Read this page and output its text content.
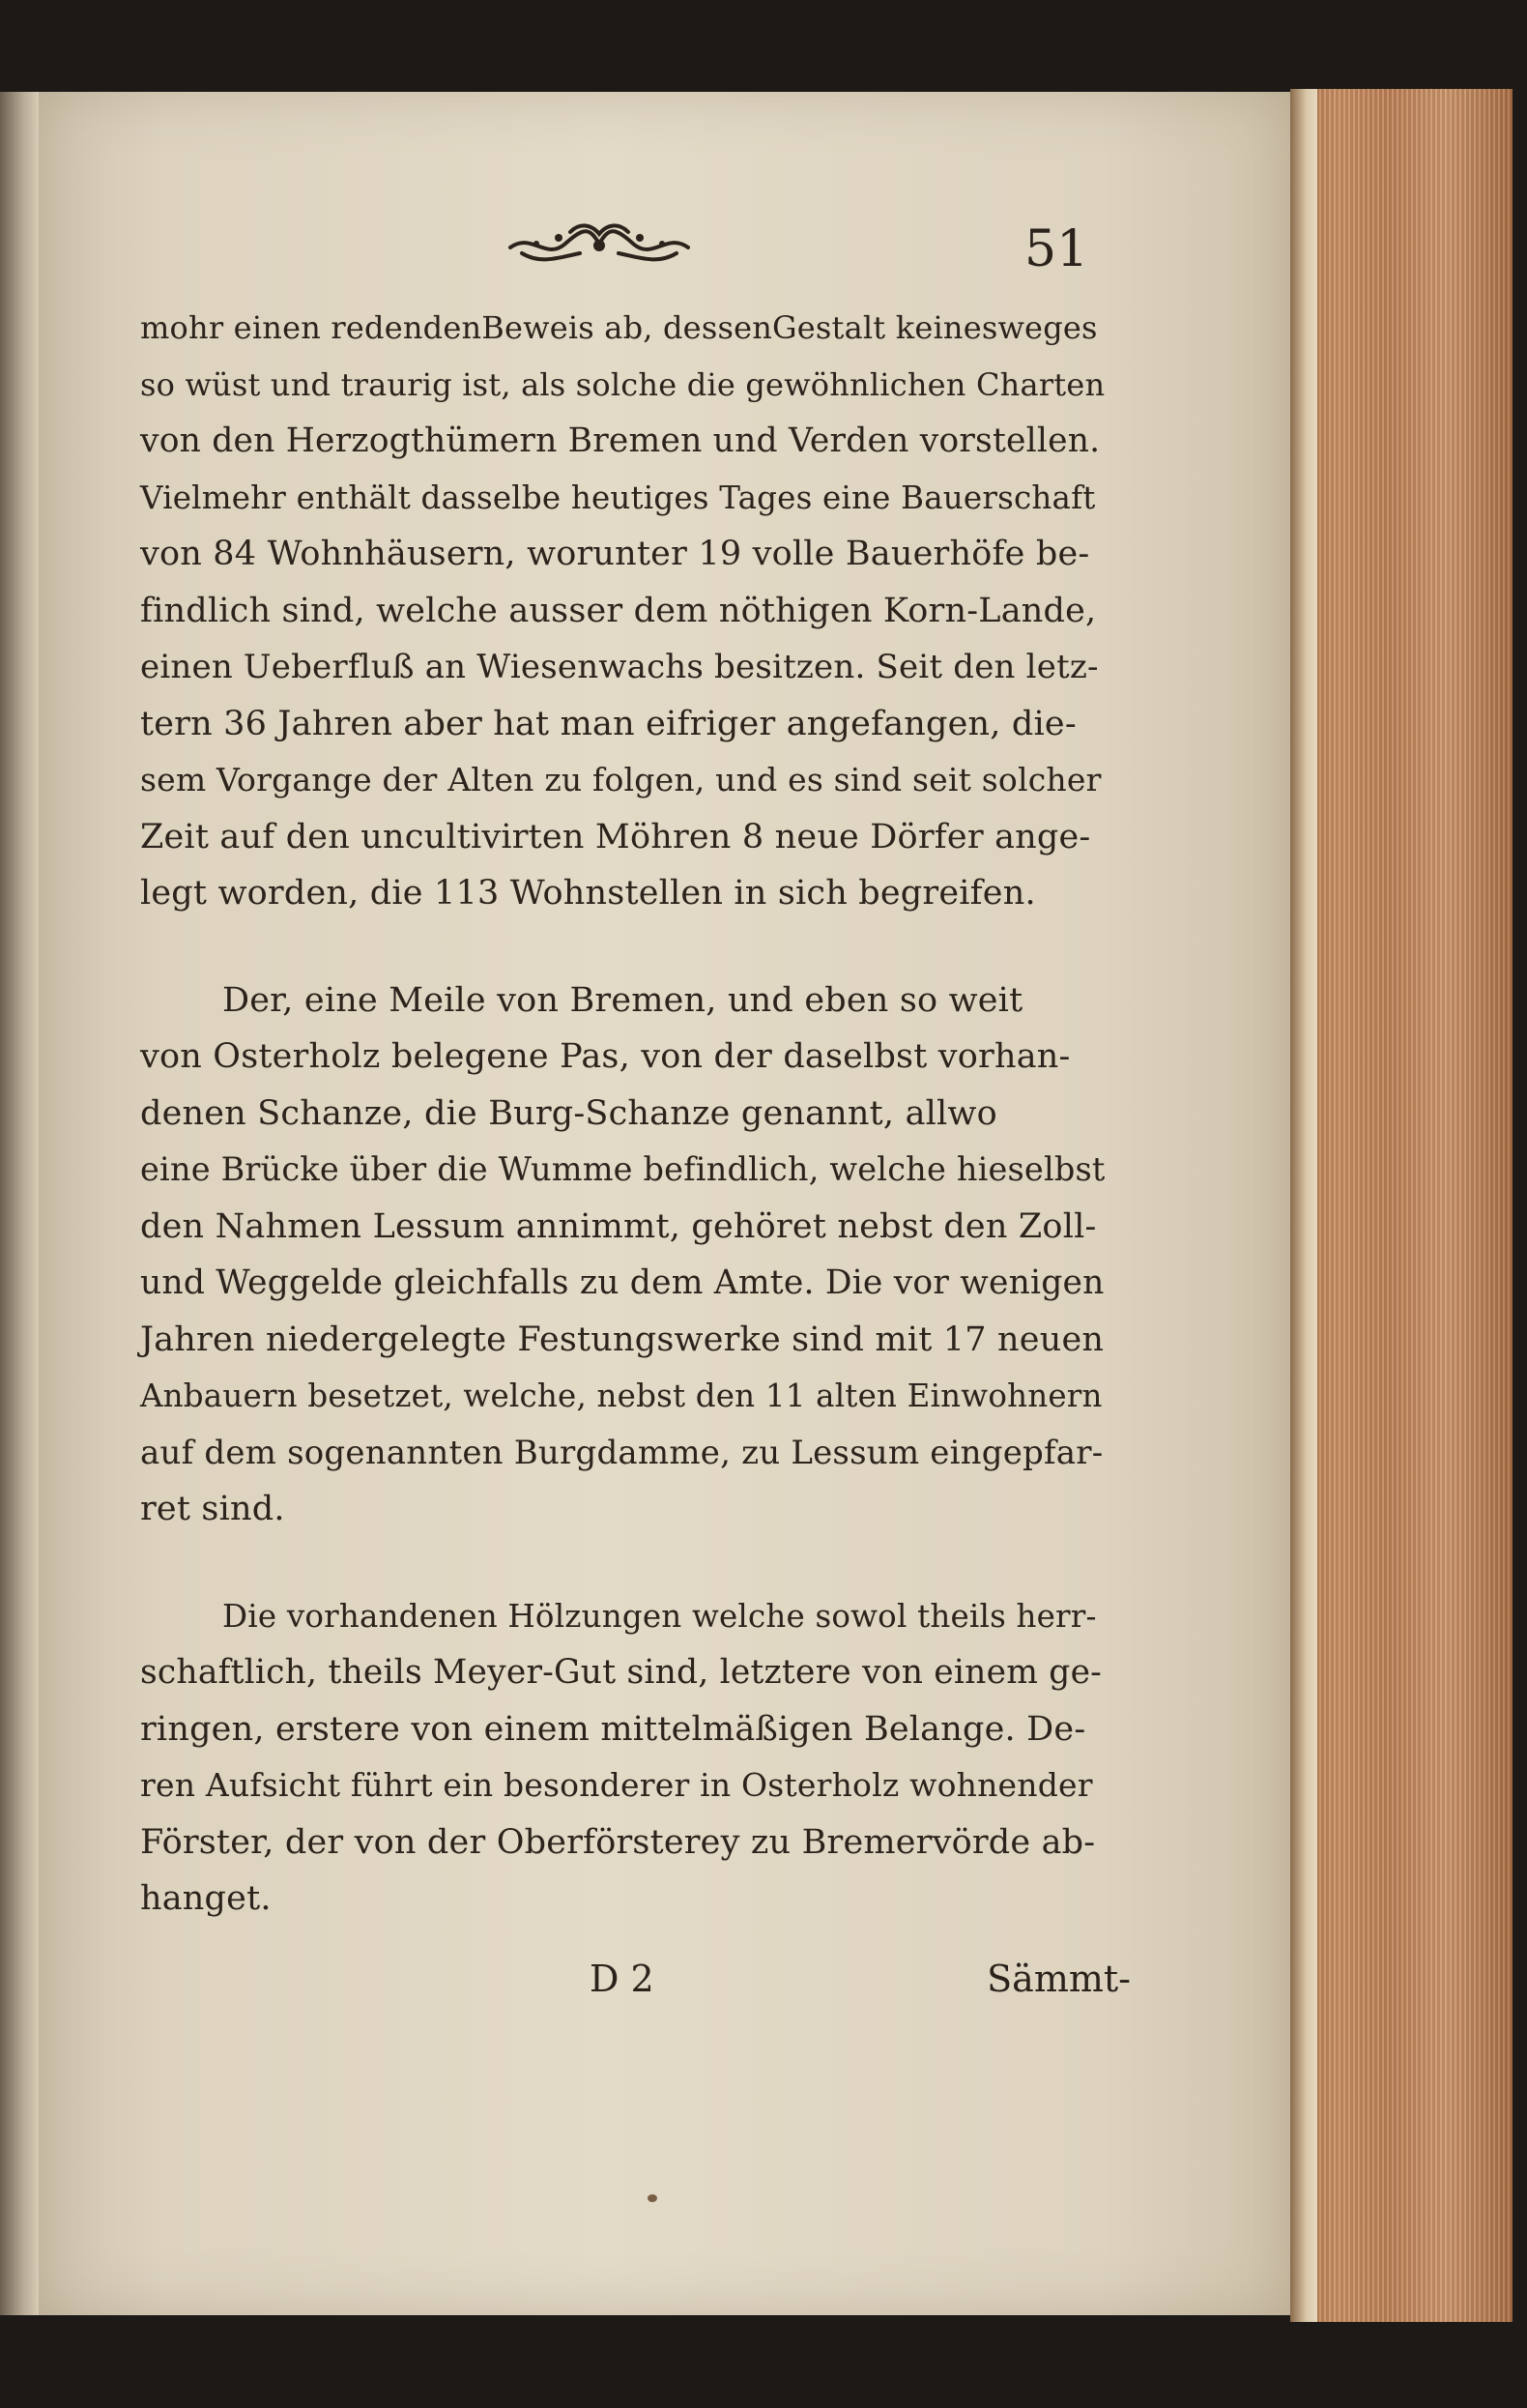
51
mohr einen redendenBeweis ab, dessenGestalt keinesweges
so wüst und traurig ist, als solche die gewöhnlichen Charten
von den Herzogthümern Bremen und Verden vorstellen.
Vielmehr enthält dasselbe heutiges Tages eine Bauerschaft
von 84 Wohnhäusern, worunter 19 volle Bauerhöfe be-
findlich sind, welche ausser dem nöthigen Korn-Lande,
einen Ueberfluß an Wiesenwachs besitzen. Seit den letz-
tern 36 Jahren aber hat man eifriger angefangen, die-
sem Vorgange der Alten zu folgen, und es sind seit solcher
Zeit auf den uncultivirten Möhren 8 neue Dörfer ange-
legt worden, die 113 Wohnstellen in sich begreifen.
Der, eine Meile von Bremen, und eben so weit
von Osterholz belegene Pas, von der daselbst vorhan-
denen Schanze, die Burg-Schanze genannt, allwo
eine Brücke über die Wumme befindlich, welche hieselbst
den Nahmen Lessum annimmt, gehöret nebst den Zoll-
und Weggelde gleichfalls zu dem Amte. Die vor wenigen
Jahren niedergelegte Festungswerke sind mit 17 neuen
Anbauern besetzet, welche, nebst den 11 alten Einwohnern
auf dem sogenannten Burgdamme, zu Lessum eingepfar-
ret sind.
Die vorhandenen Hölzungen welche sowol theils herr-
schaftlich, theils Meyer-Gut sind, letztere von einem ge-
ringen, erstere von einem mittelmäßigen Belange. De-
ren Aufsicht führt ein besonderer in Osterholz wohnender
Förster, der von der Oberförsterey zu Bremervörde ab-
hanget.
D 2	Sämmt-
